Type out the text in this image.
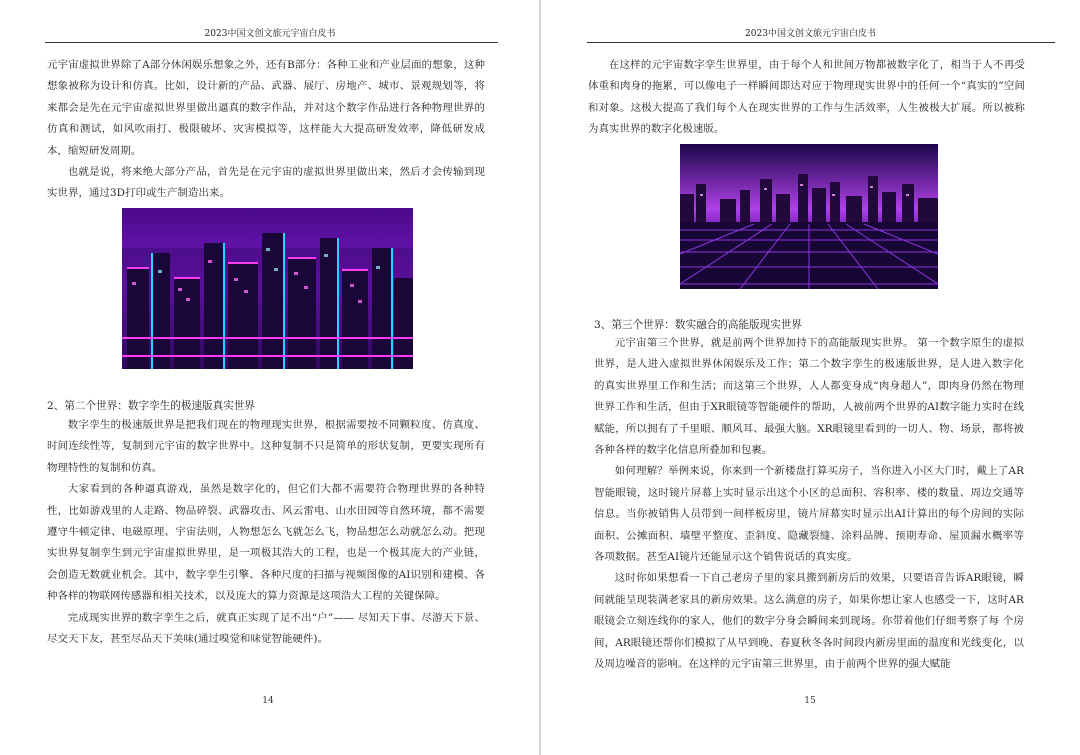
2023中国文创文旅元宇宙白皮书

元宇宙虚拟世界除了A部分休闲娱乐想象之外，还有B部分：各种工业和产业层面的想象，这种想象被称为设计和仿真。比如，设计新的产品、武器、展厅、房地产、城市、景观规划等，将来都会是先在元宇宙虚拟世界里做出逼真的数字作品，并对这个数字作品进行各种物理世界的仿真和测试，如风吹雨打、极限破坏、灾害模拟等，这样能大大提高研发效率，降低研发成本，缩短研发周期。

也就是说，将来绝大部分产品，首先是在元宇宙的虚拟世界里做出来，然后才会传输到现实世界，通过3D打印或生产制造出来。

2、第二个世界：数字孪生的极速版真实世界

数字孪生的极速版世界是把我们现在的物理现实世界，根据需要按不同颗粒度、仿真度、时间连续性等，复制到元宇宙的数字世界中。这种复制不只是简单的形状复制，更要实现所有物理特性的复制和仿真。

大家看到的各种逼真游戏，虽然是数字化的，但它们大都不需要符合物理世界的各种特性，比如游戏里的人走路、物品碎裂、武器攻击、风云雷电、山水田园等自然环境，都不需要遵守牛顿定律、电磁原理、宇宙法则，人物想怎么飞就怎么飞，物品想怎么动就怎么动。把现实世界复制孪生到元宇宙虚拟世界里，是一项极其浩大的工程，也是一个极其庞大的产业链，会创造无数就业机会。其中，数字孪生引擎、各种尺度的扫描与视频图像的AI识别和建模、各种各样的物联网传感器和相关技术，以及庞大的算力资源是这项浩大工程的关键保障。

完成现实世界的数字孪生之后，就真正实现了足不出“户”—— 尽知天下事、尽游天下景、尽交天下友，甚至尽品天下美味(通过嗅觉和味觉智能硬件)。

14
2023中国文创文旅元宇宙白皮书

在这样的元宇宙数字孪生世界里，由于每个人和世间万物都被数字化了，相当于人不再受体重和肉身的拖累，可以像电子一样瞬间即达对应于物理现实世界中的任何一个“真实的”空间和对象。这极大提高了我们每个人在现实世界的工作与生活效率，人生被极大扩展。所以被称为真实世界的数字化极速版。

3、第三个世界：数实融合的高能版现实世界

元宇宙第三个世界，就是前两个世界加持下的高能版现实世界。 第一个数字原生的虚拟世界，是人进入虚拟世界休闲娱乐及工作；第二个数字孪生的极速版世界，是人进入数字化的真实世界里工作和生活；而这第三个世界，人人都变身成“肉身超人”，即肉身仍然在物理世界工作和生活，但由于XR眼镜等智能硬件的帮助，人被前两个世界的AI数字能力实时在线赋能，所以拥有了千里眼、顺风耳、最强大脑。XR眼镜里看到的一切人、物、场景，都将被各种各样的数字化信息所叠加和包裹。

如何理解？举例来说，你来到一个新楼盘打算买房子，当你进入小区大门时，戴上了AR智能眼镜，这时镜片屏幕上实时显示出这个小区的总面积、容积率、楼的数量、周边交通等信息。当你被销售人员带到一间样板房里，镜片屏幕实时显示出AI计算出的每个房间的实际面积、公摊面积、墙壁平整度、歪斜度、隐藏裂缝、涂料品牌、预期寿命、屋顶漏水概率等各项数据。甚至AI镜片还能显示这个销售说话的真实度。

这时你如果想看一下自己老房子里的家具搬到新房后的效果，只要语音告诉AR眼镜，瞬间就能呈现装满老家具的新房效果。这么满意的房子，如果你想让家人也感受一下，这时AR眼镜会立刻连线你的家人，他们的数字分身会瞬间来到现场。你带着他们仔细考察了每 个房间，AR眼镜还帮你们模拟了从早到晚、春夏秋冬各时间段内新房里面的温度和光线变化，以及周边噪音的影响。在这样的元宇宙第三世界里，由于前两个世界的强大赋能

15
